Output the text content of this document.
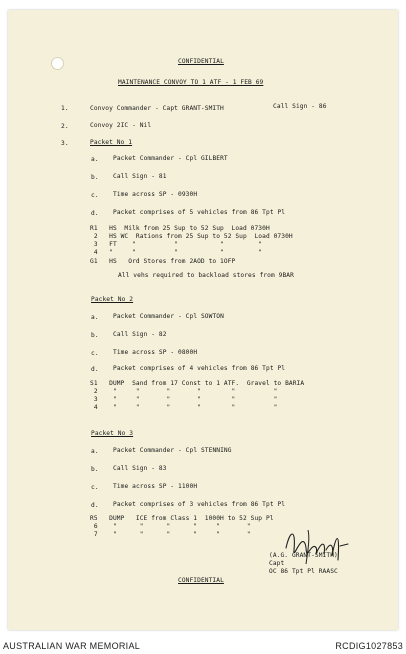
CONFIDENTIAL
MAINTENANCE CONVOY TO 1 ATF - 1 FEB 69
1.	Convoy Commander - Capt GRANT-SMITH	Call Sign - 86
2.	Convoy 2IC - Nil
3.	Packet No 1
a. Packet Commander - Cpl GILBERT
b. Call Sign - 81
c. Time across SP - 0930H
d. Packet comprises of 5 vehicles from 86 Tpt Pl
R1   HS  Milk from 25 Sup to 52 Sup  Load 0730H
2   HS WC  Rations from 25 Sup to 52 Sup  Load 0730H
3   FT    "          "           "         "
4   "     "          "           "         "
G1   HS   Ord Stores from 2AOD to 1OFP
All vehs required to backload stores from 9BAR
Packet No 2
a. Packet Commander - Cpl SOWTON
b. Call Sign - 82
c. Time across SP - 0800H
d. Packet comprises of 4 vehicles from 86 Tpt Pl
S1   DUMP  Sand from 17 Const to 1 ATF.  Gravel to BARIA
2    "     "       "       "        "          "
3    "     "       "       "        "          "
4    "     "       "       "        "          "
Packet No 3
a. Packet Commander - Cpl STENNING
b. Call Sign - 83
c. Time across SP - 1100H
d. Packet comprises of 3 vehicles from 86 Tpt Pl
R5   DUMP   ICE from Class 1  1000H to 52 Sup Pl
6    "      "      "      "     "       "
7    "      "      "      "     "       "
(A.G. GRANT-SMITH)
Capt
OC 86 Tpt Pl RAASC
CONFIDENTIAL
AUSTRALIAN WAR MEMORIAL	RCDIG1027853
